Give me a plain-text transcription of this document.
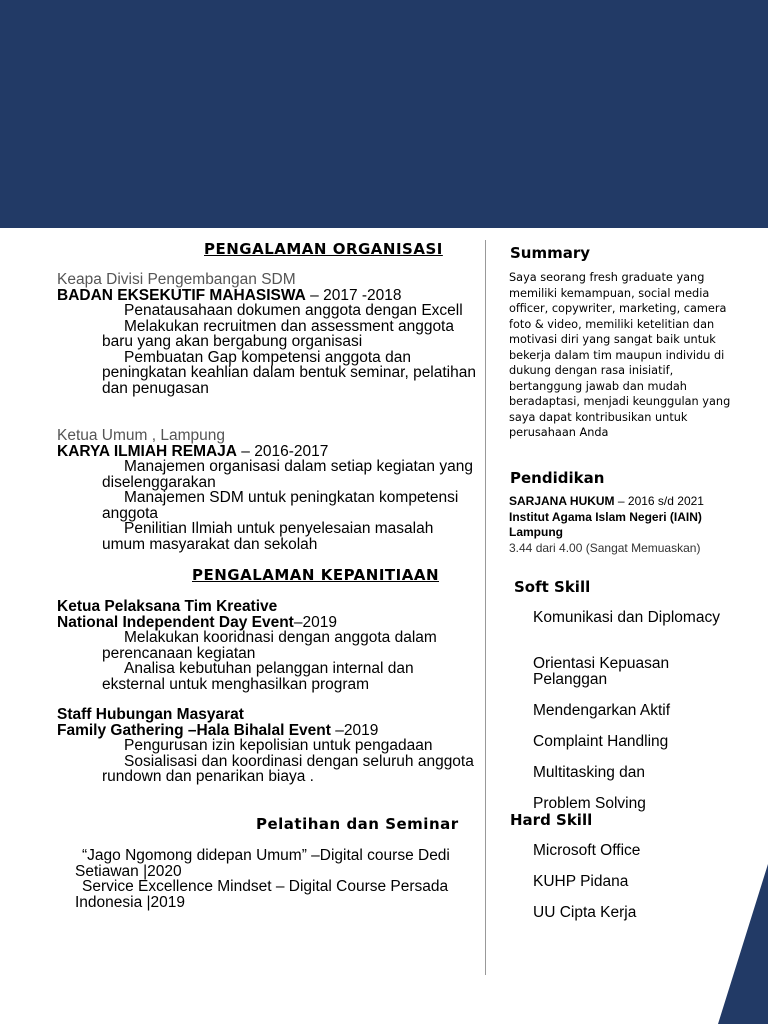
PENGALAMAN ORGANISASI
Keapa Divisi Pengembangan SDM
BADAN EKSEKUTIF MAHASISWA – 2017 -2018
Penatausahaan dokumen anggota dengan Excell
Melakukan recruitmen dan assessment anggota baru yang akan bergabung organisasi
Pembuatan Gap kompetensi anggota dan peningkatan keahlian dalam bentuk seminar, pelatihan dan penugasan
Ketua Umum , Lampung
KARYA ILMIAH REMAJA – 2016-2017
Manajemen organisasi dalam setiap kegiatan yang diselenggarakan
Manajemen SDM untuk peningkatan kompetensi anggota
Penilitian Ilmiah untuk penyelesaian masalah umum masyarakat dan sekolah
PENGALAMAN KEPANITIAAN
Ketua Pelaksana Tim Kreative
National Independent Day Event–2019
Melakukan kooridnasi dengan anggota dalam perencanaan kegiatan
Analisa kebutuhan pelanggan internal dan eksternal untuk menghasilkan program
Staff Hubungan Masyarat
Family Gathering –Hala Bihalal Event –2019
Pengurusan izin kepolisian untuk pengadaan
Sosialisasi dan koordinasi dengan seluruh anggota rundown dan penarikan biaya .
Pelatihan dan Seminar
“Jago Ngomong didepan Umum” –Digital course Dedi Setiawan |2020
Service Excellence Mindset – Digital Course Persada Indonesia |2019
Summary
Saya seorang fresh graduate yang memiliki kemampuan, social media officer, copywriter, marketing, camera foto & video, memiliki ketelitian dan motivasi diri yang sangat baik untuk bekerja dalam tim maupun individu di dukung dengan rasa inisiatif, bertanggung jawab dan mudah beradaptasi, menjadi keunggulan yang saya dapat kontribusikan untuk perusahaan Anda
Pendidikan
SARJANA HUKUM – 2016 s/d 2021
Institut Agama Islam Negeri (IAIN) Lampung
3.44 dari 4.00 (Sangat Memuaskan)
Soft Skill
Komunikasi dan Diplomacy
Orientasi Kepuasan Pelanggan
Mendengarkan Aktif
Complaint Handling
Multitasking dan
Problem Solving
Hard Skill
Microsoft Office
KUHP Pidana
UU Cipta Kerja
